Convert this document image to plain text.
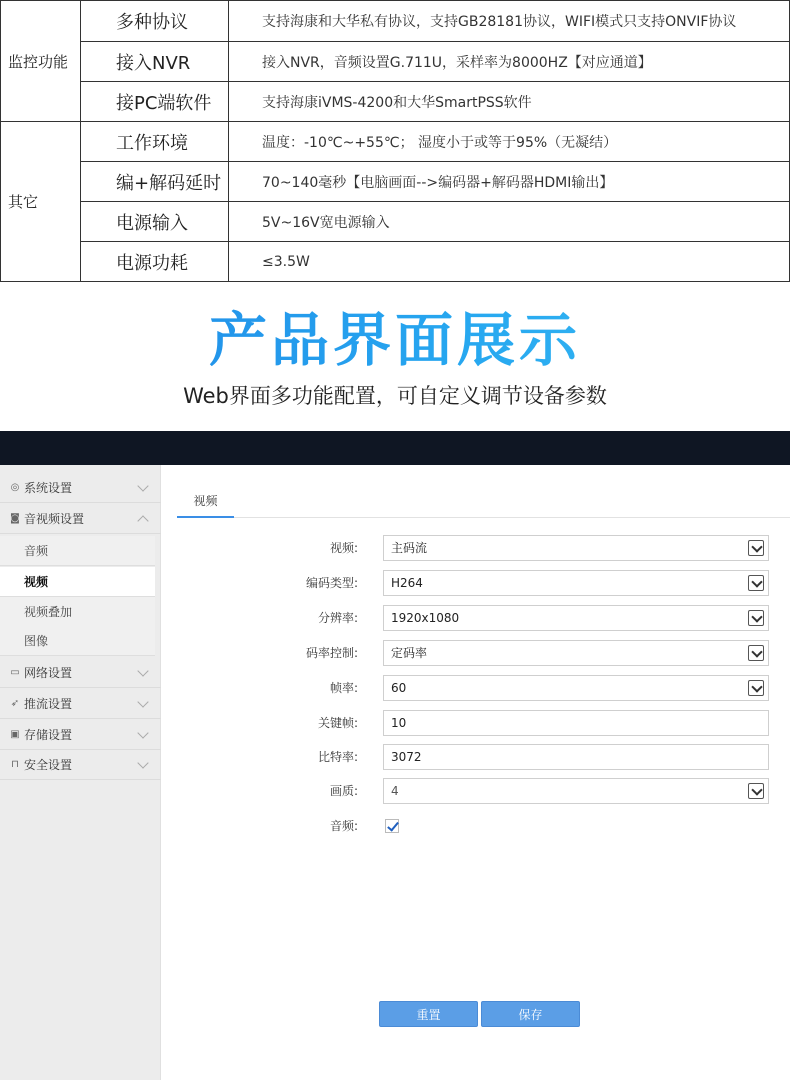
监控功能	多种协议	支持海康和大华私有协议，支持GB28181协议，WIFI模式只支持ONVIF协议
	接入NVR	接入NVR，音频设置G.711U，采样率为8000HZ【对应通道】
	接PC端软件	支持海康iVMS-4200和大华SmartPSS软件
其它	工作环境	温度：-10℃~+55℃； 湿度小于或等于95%（无凝结）
	编+解码延时	70~140毫秒【电脑画面-->编码器+解码器HDMI输出】
	电源输入	5V~16V宽电源输入
	电源功耗	≤3.5W
产品界面展示
Web界面多功能配置，可自定义调节设备参数
◎ 系统设置
◙ 音视频设置
音频
视频
视频叠加
图像
▭ 网络设置
➶ 推流设置
▣ 存储设置
⊓ 安全设置
视频
视频:	主码流
编码类型:	H264
分辨率:	1920x1080
码率控制:	定码率
帧率:	60
关键帧:	10
比特率:	3072
画质:	4
音频:
重置	保存
